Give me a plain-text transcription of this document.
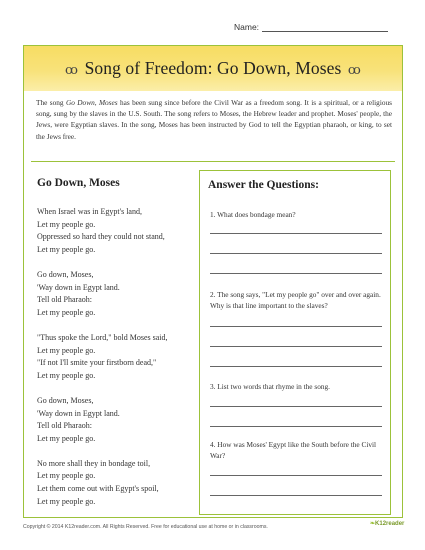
Name:
ꝏ Song of Freedom: Go Down, Moses ꝏ
The song Go Down, Moses has been sung since before the Civil War as a freedom song. It is a spiritual, or a religious song, sung by the slaves in the U.S. South. The song refers to Moses, the Hebrew leader and prophet. Moses' people, the Jews, were Egyptian slaves. In the song, Moses has been instructed by God to tell the Egyptian pharaoh, or king, to set the Jews free.
Go Down, Moses
When Israel was in Egypt's land,
Let my people go.
Oppressed so hard they could not stand,
Let my people go.
Go down, Moses,
'Way down in Egypt land.
Tell old Pharaoh:
Let my people go.
"Thus spoke the Lord," bold Moses said,
Let my people go.
"If not I'll smite your firstborn dead,"
Let my people go.
Go down, Moses,
'Way down in Egypt land.
Tell old Pharaoh:
Let my people go.
No more shall they in bondage toil,
Let my people go.
Let them come out with Egypt's spoil,
Let my people go.
Answer the Questions:
1. What does bondage mean?
2. The song says, "Let my people go" over and over again. Why is that line important to the slaves?
3. List two words that rhyme in the song.
4. How was Moses' Egypt like the South before the Civil War?
Copyright © 2014 K12reader.com. All Rights Reserved. Free for educational use at home or in classrooms.	❧K12reader
